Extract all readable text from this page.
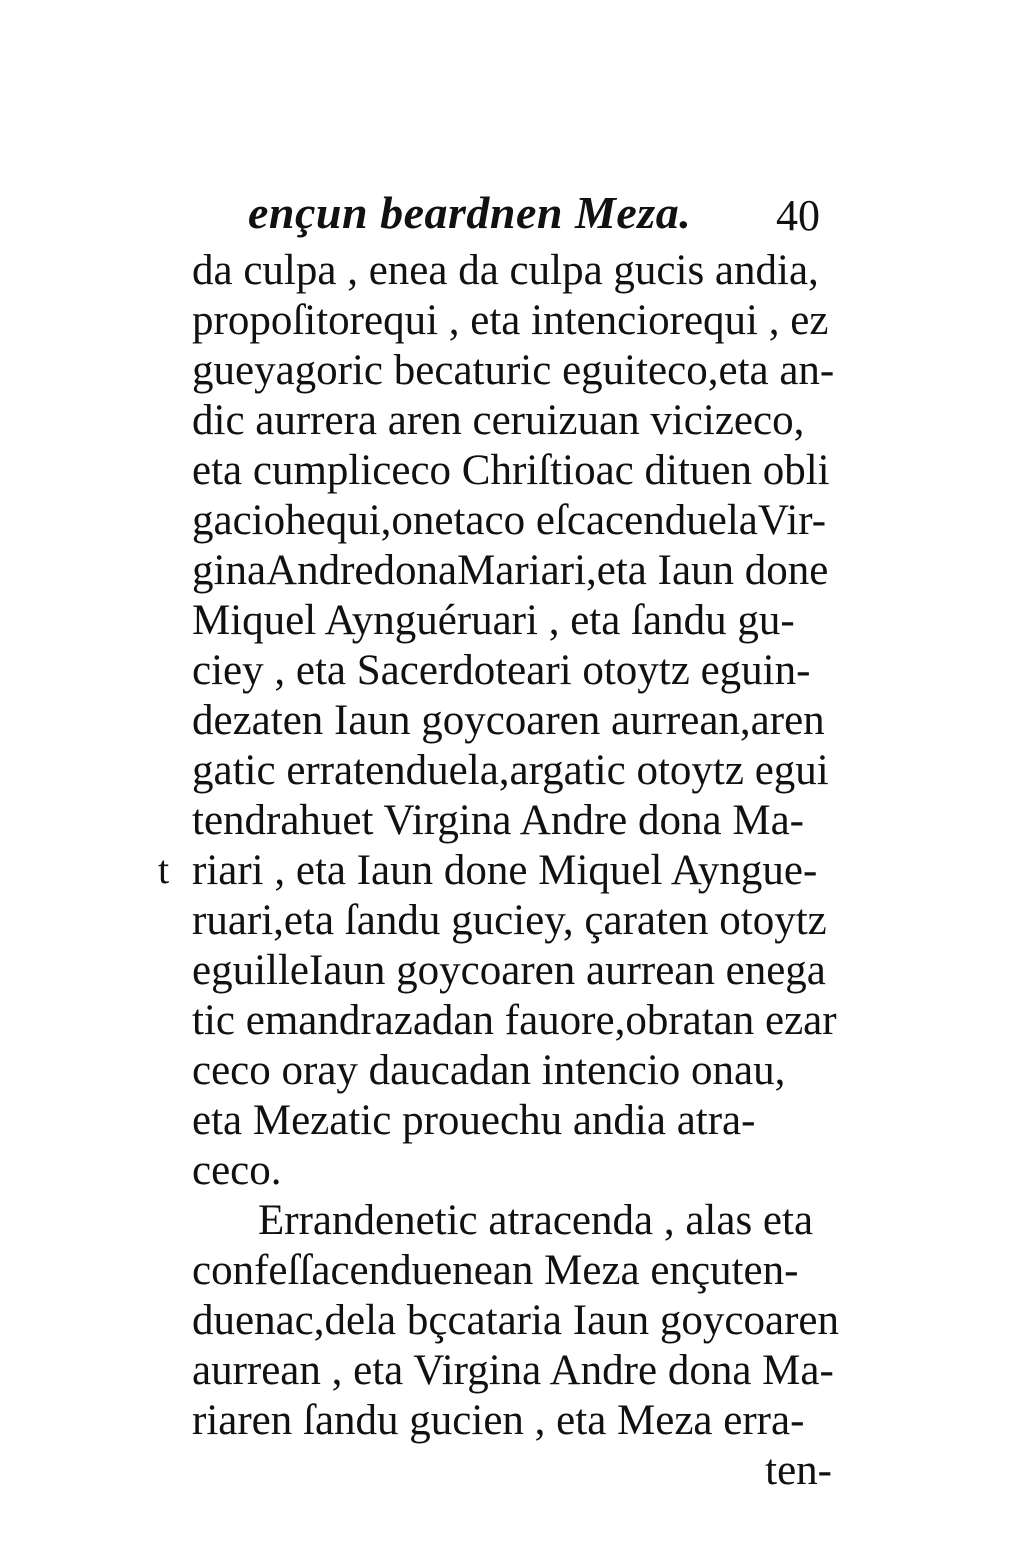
ençun beardnen Meza. 40
t
da culpa , enea da culpa gucis andia,
propoſitorequi , eta intenciorequi , ez
gueyagoric becaturic eguiteco,eta an-
dic aurrera aren ceruizuan vicizeco,
eta cumpliceco Chriſtioac dituen obli
gaciohequi,onetaco eſcacenduelaVir-
ginaAndredonaMariari,eta Iaun done
Miquel Aynguéruari , eta ſandu gu-
ciey , eta Sacerdoteari otoytz eguin-
dezaten Iaun goycoaren aurrean,aren
gatic erratenduela,argatic otoytz egui
tendrahuet Virgina Andre dona Ma-
riari , eta Iaun done Miquel Aynguе-
ruari,eta ſandu guciey, çaraten otoytz
eguilleIaun goycoaren aurrean enega
tic emandrazadan fauore,obratan ezar
ceco oray daucadan intencio onau,
eta Mezatic prouechu andia atra-
ceco.
Errandenetic atracenda , alas eta
confeſſacenduenean Meza ençuten-
duenac,dela bçcataria Iaun goycoaren
aurrean , eta Virgina Andre dona Ma-
riaren ſandu gucien , eta Meza erra-
ten-
